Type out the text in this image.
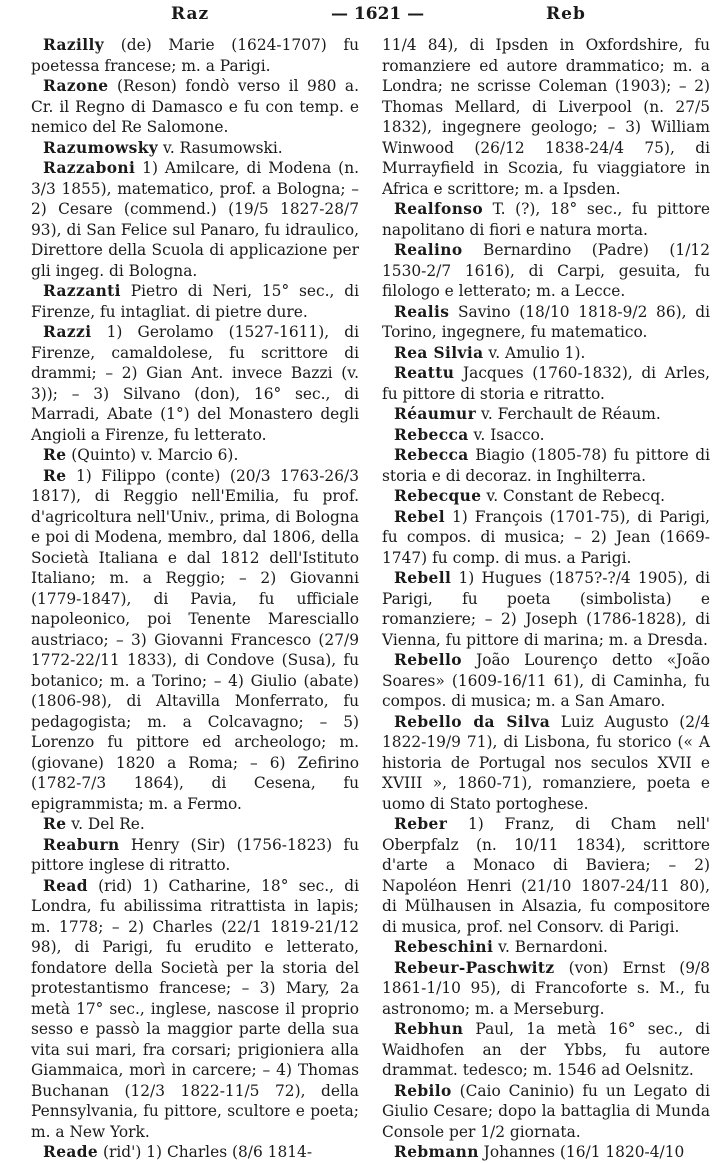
Raz	— 1621 —	Reb

Razilly (de) Marie (1624-1707) fu poetessa francese; m. a Parigi.

Razone (Reson) fondò verso il 980 a. Cr. il Regno di Damasco e fu con temp. e nemico del Re Salomone.

Razumowsky v. Rasumowski.

Razzaboni 1) Amilcare, di Modena (n. 3/3 1855), matematico, prof. a Bologna; – 2) Cesare (commend.) (19/5 1827-28/7 93), di San Felice sul Panaro, fu idraulico, Direttore della Scuola di applicazione per gli ingeg. di Bologna.

Razzanti Pietro di Neri, 15° sec., di Firenze, fu intagliat. di pietre dure.

Razzi 1) Gerolamo (1527-1611), di Firenze, camaldolese, fu scrittore di drammi; – 2) Gian Ant. invece Bazzi (v. 3)); – 3) Silvano (don), 16° sec., di Marradi, Abate (1°) del Monastero degli Angioli a Firenze, fu letterato.

Re (Quinto) v. Marcio 6).

Re 1) Filippo (conte) (20/3 1763-26/3 1817), di Reggio nell'Emilia, fu prof. d'agricoltura nell'Univ., prima, di Bologna e poi di Modena, membro, dal 1806, della Società Italiana e dal 1812 dell'Istituto Italiano; m. a Reggio; – 2) Giovanni (1779-1847), di Pavia, fu ufficiale napoleonico, poi Tenente Maresciallo austriaco; – 3) Giovanni Francesco (27/9 1772-22/11 1833), di Condove (Susa), fu botanico; m. a Torino; – 4) Giulio (abate) (1806-98), di Altavilla Monferrato, fu pedagogista; m. a Colcavagno; – 5) Lorenzo fu pittore ed archeologo; m. (giovane) 1820 a Roma; – 6) Zefirino (1782-7/3 1864), di Cesena, fu epigrammista; m. a Fermo.

Re v. Del Re.

Reaburn Henry (Sir) (1756-1823) fu pittore inglese di ritratto.

Read (rid) 1) Catharine, 18° sec., di Londra, fu abilissima ritrattista in lapis; m. 1778; – 2) Charles (22/1 1819-21/12 98), di Parigi, fu erudito e letterato, fondatore della Società per la storia del protestantismo francese; – 3) Mary, 2a metà 17° sec., inglese, nascose il proprio sesso e passò la maggior parte della sua vita sui mari, fra corsari; prigioniera alla Giammaica, morì in carcere; – 4) Thomas Buchanan (12/3 1822-11/5 72), della Pennsylvania, fu pittore, scultore e poeta; m. a New York.

Reade (rid') 1) Charles (8/6 1814-

11/4 84), di Ipsden in Oxfordshire, fu romanziere ed autore drammatico; m. a Londra; ne scrisse Coleman (1903); – 2) Thomas Mellard, di Liverpool (n. 27/5 1832), ingegnere geologo; – 3) William Winwood (26/12 1838-24/4 75), di Murrayfield in Scozia, fu viaggiatore in Africa e scrittore; m. a Ipsden.

Realfonso T. (?), 18° sec., fu pittore napolitano di fiori e natura morta.

Realino Bernardino (Padre) (1/12 1530-2/7 1616), di Carpi, gesuita, fu filologo e letterato; m. a Lecce.

Realis Savino (18/10 1818-9/2 86), di Torino, ingegnere, fu matematico.

Rea Silvia v. Amulio 1).

Reattu Jacques (1760-1832), di Arles, fu pittore di storia e ritratto.

Réaumur v. Ferchault de Réaum.

Rebecca v. Isacco.

Rebecca Biagio (1805-78) fu pittore di storia e di decoraz. in Inghilterra.

Rebecque v. Constant de Rebecq.

Rebel 1) François (1701-75), di Parigi, fu compos. di musica; – 2) Jean (1669-1747) fu comp. di mus. a Parigi.

Rebell 1) Hugues (1875?-?/4 1905), di Parigi, fu poeta (simbolista) e romanziere; – 2) Joseph (1786-1828), di Vienna, fu pittore di marina; m. a Dresda.

Rebello João Lourenço detto «João Soares» (1609-16/11 61), di Caminha, fu compos. di musica; m. a San Amaro.

Rebello da Silva Luiz Augusto (2/4 1822-19/9 71), di Lisbona, fu storico (« A historia de Portugal nos seculos XVII e XVIII », 1860-71), romanziere, poeta e uomo di Stato portoghese.

Reber 1) Franz, di Cham nell' Oberpfalz (n. 10/11 1834), scrittore d'arte a Monaco di Baviera; – 2) Napoléon Henri (21/10 1807-24/11 80), di Mülhausen in Alsazia, fu compositore di musica, prof. nel Consorv. di Parigi.

Rebeschini v. Bernardoni.

Rebeur-Paschwitz (von) Ernst (9/8 1861-1/10 95), di Francoforte s. M., fu astronomo; m. a Merseburg.

Rebhun Paul, 1a metà 16° sec., di Waidhofen an der Ybbs, fu autore drammat. tedesco; m. 1546 ad Oelsnitz.

Rebilo (Caio Caninio) fu un Legato di Giulio Cesare; dopo la battaglia di Munda Console per 1/2 giornata.

Rebmann Johannes (16/1 1820-4/10
